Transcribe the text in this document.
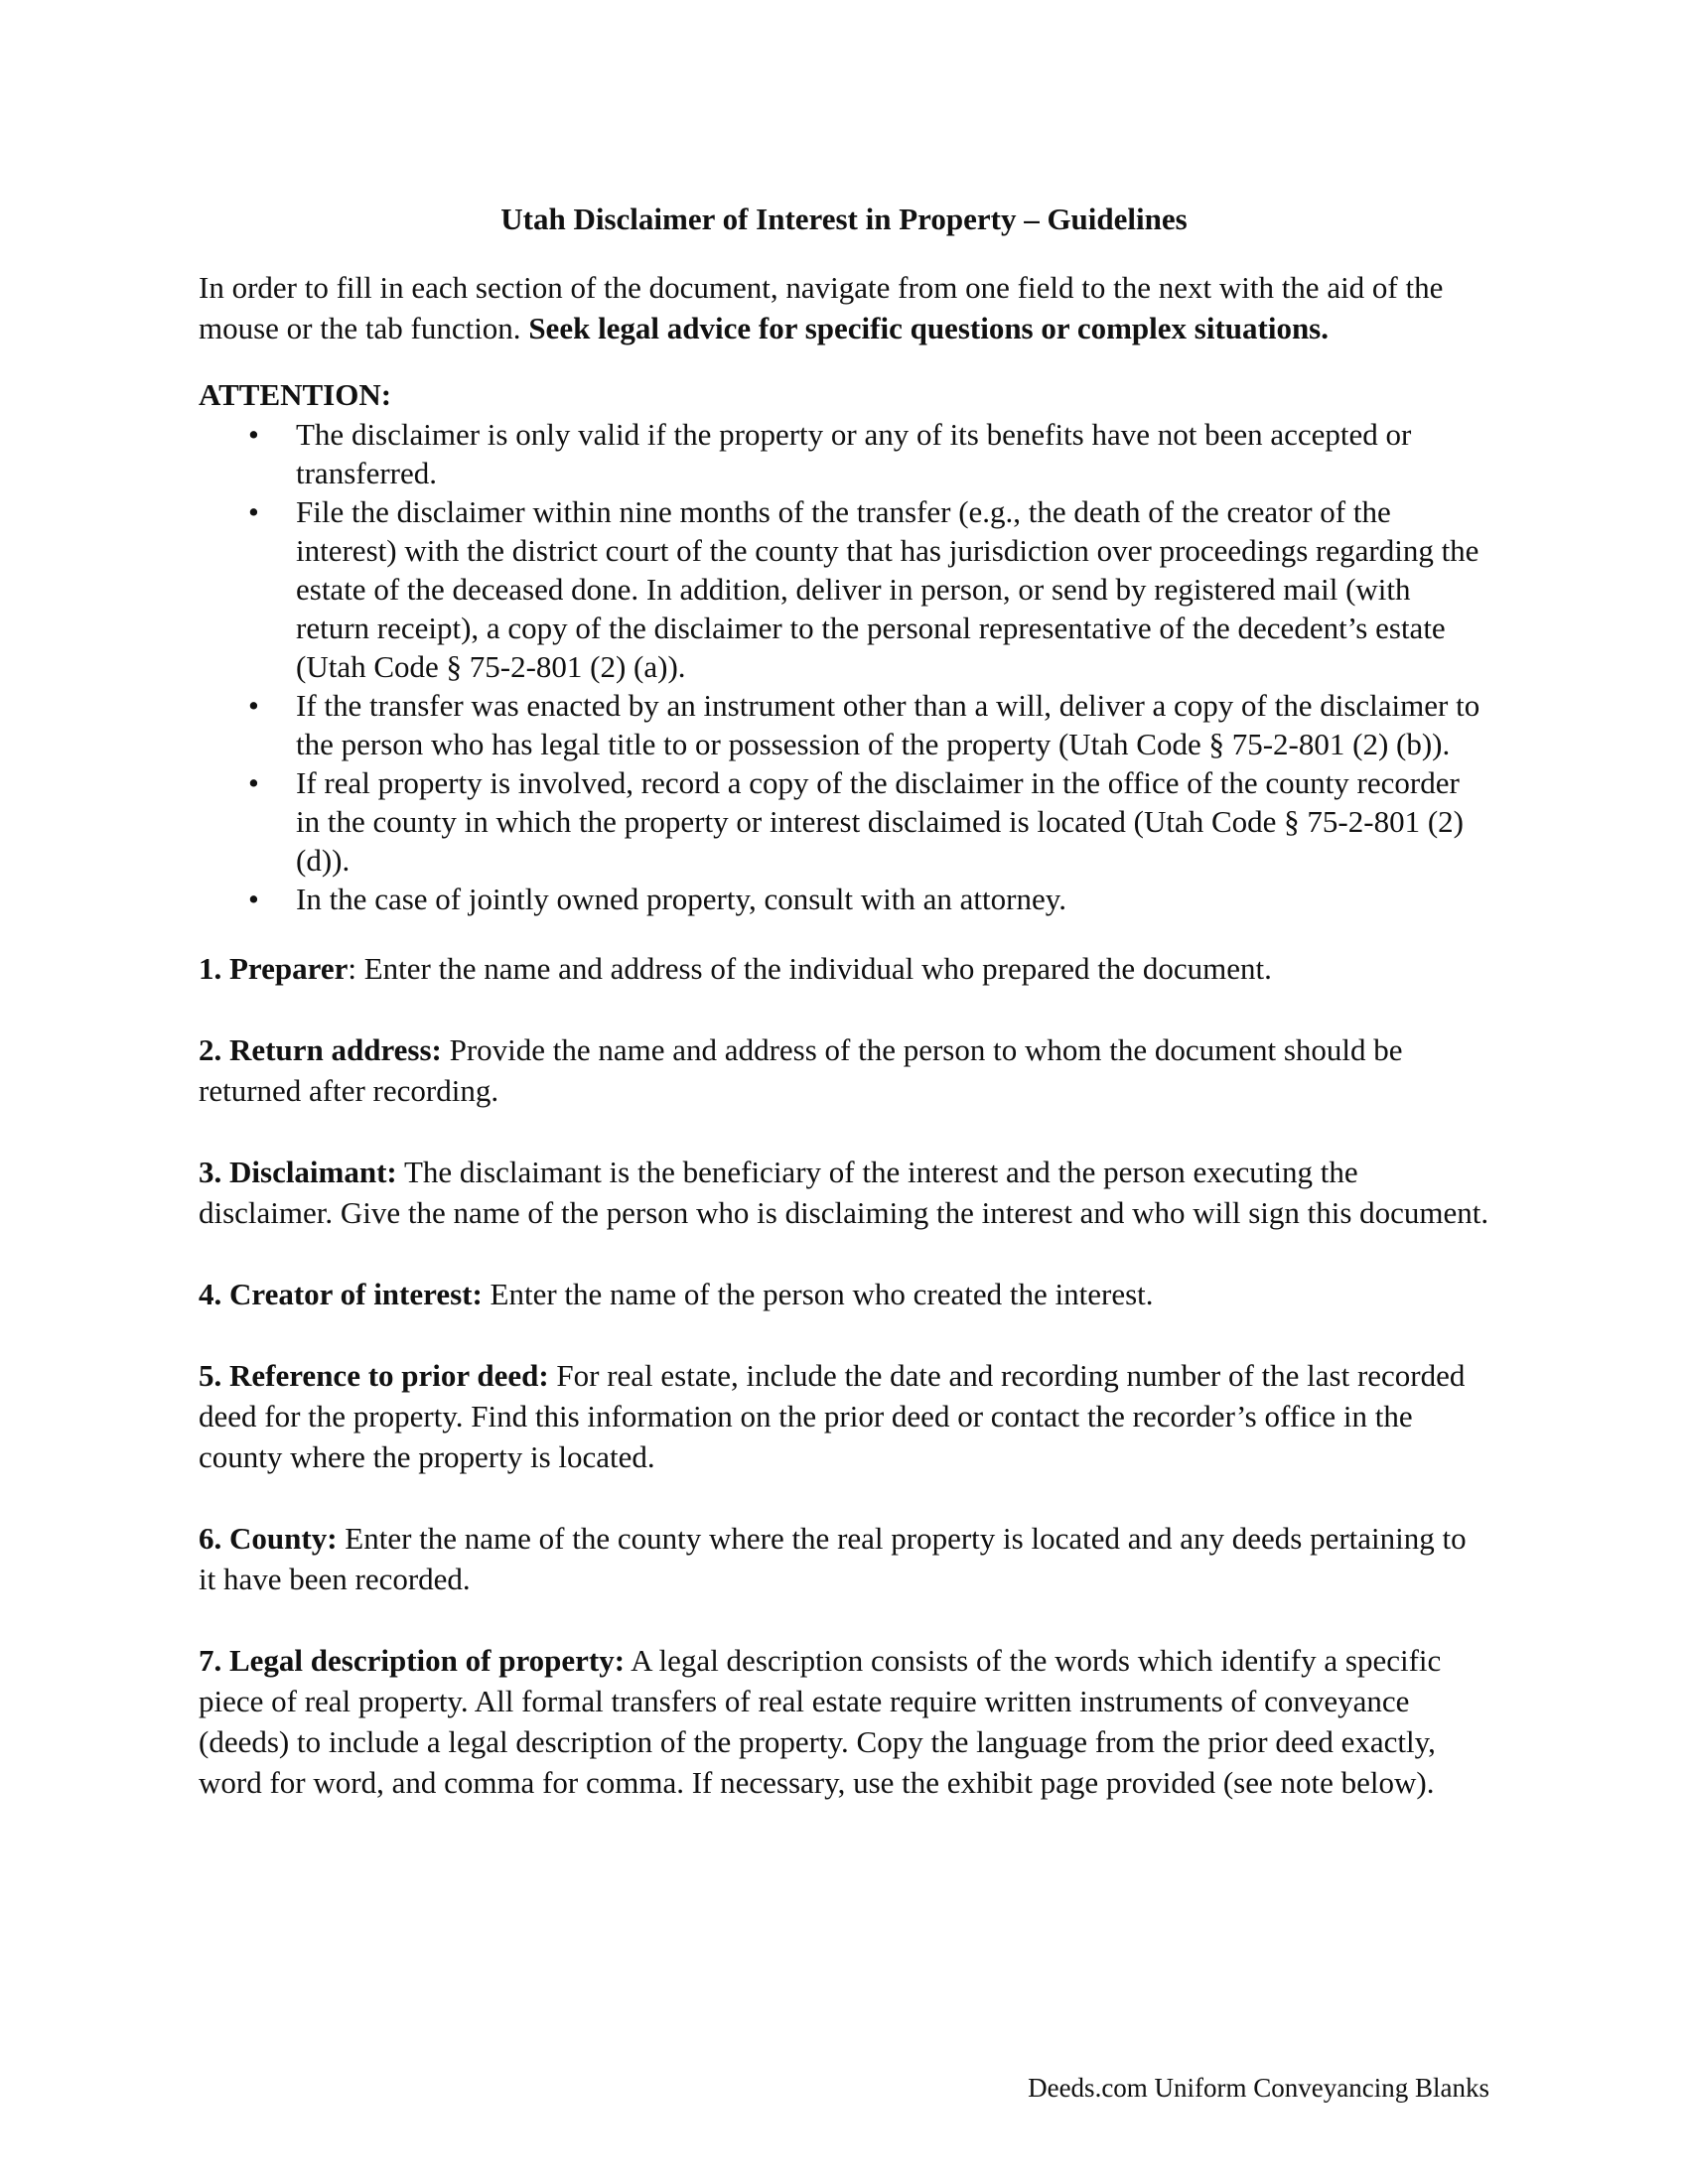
Utah Disclaimer of Interest in Property – Guidelines

In order to fill in each section of the document, navigate from one field to the next with the aid of the mouse or the tab function. Seek legal advice for specific questions or complex situations.

ATTENTION:

• The disclaimer is only valid if the property or any of its benefits have not been accepted or transferred.
• File the disclaimer within nine months of the transfer (e.g., the death of the creator of the interest) with the district court of the county that has jurisdiction over proceedings regarding the estate of the deceased done. In addition, deliver in person, or send by registered mail (with return receipt), a copy of the disclaimer to the personal representative of the decedent’s estate (Utah Code § 75-2-801 (2) (a)).
• If the transfer was enacted by an instrument other than a will, deliver a copy of the disclaimer to the person who has legal title to or possession of the property (Utah Code § 75-2-801 (2) (b)).
• If real property is involved, record a copy of the disclaimer in the office of the county recorder in the county in which the property or interest disclaimed is located (Utah Code § 75-2-801 (2) (d)).
• In the case of jointly owned property, consult with an attorney.

1. Preparer: Enter the name and address of the individual who prepared the document.

2. Return address: Provide the name and address of the person to whom the document should be returned after recording.

3. Disclaimant: The disclaimant is the beneficiary of the interest and the person executing the disclaimer. Give the name of the person who is disclaiming the interest and who will sign this document.

4. Creator of interest: Enter the name of the person who created the interest.

5. Reference to prior deed: For real estate, include the date and recording number of the last recorded deed for the property. Find this information on the prior deed or contact the recorder’s office in the county where the property is located.

6. County: Enter the name of the county where the real property is located and any deeds pertaining to it have been recorded.

7. Legal description of property: A legal description consists of the words which identify a specific piece of real property. All formal transfers of real estate require written instruments of conveyance (deeds) to include a legal description of the property. Copy the language from the prior deed exactly, word for word, and comma for comma. If necessary, use the exhibit page provided (see note below).

Deeds.com Uniform Conveyancing Blanks
